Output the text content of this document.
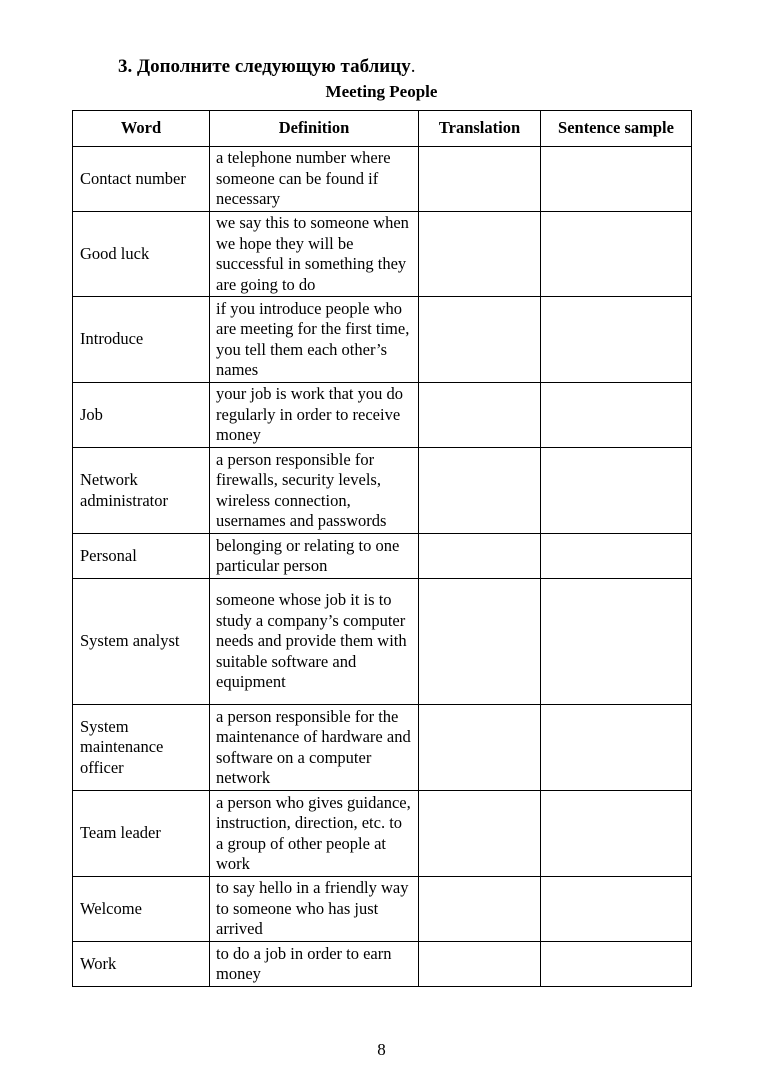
3. Дополните следующую таблицу.
Meeting People
Word	Definition	Translation	Sentence sample
Contact number	a telephone number where someone can be found if necessary		
Good luck	we say this to someone when we hope they will be successful in something they are going to do		
Introduce	if you introduce people who are meeting for the first time, you tell them each other’s names		
Job	your job is work that you do regularly in order to receive money		
Network administrator	a person responsible for firewalls, security levels, wireless connection, usernames and passwords		
Personal	belonging or relating to one particular person		
System analyst	someone whose job it is to study a company’s computer needs and provide them with suitable software and equipment		
System maintenance officer	a person responsible for the maintenance of hardware and software on a computer network		
Team leader	a person who gives guidance, instruction, direction, etc. to a group of other people at work		
Welcome	to say hello in a friendly way to someone who has just arrived		
Work	to do a job in order to earn money		
8
